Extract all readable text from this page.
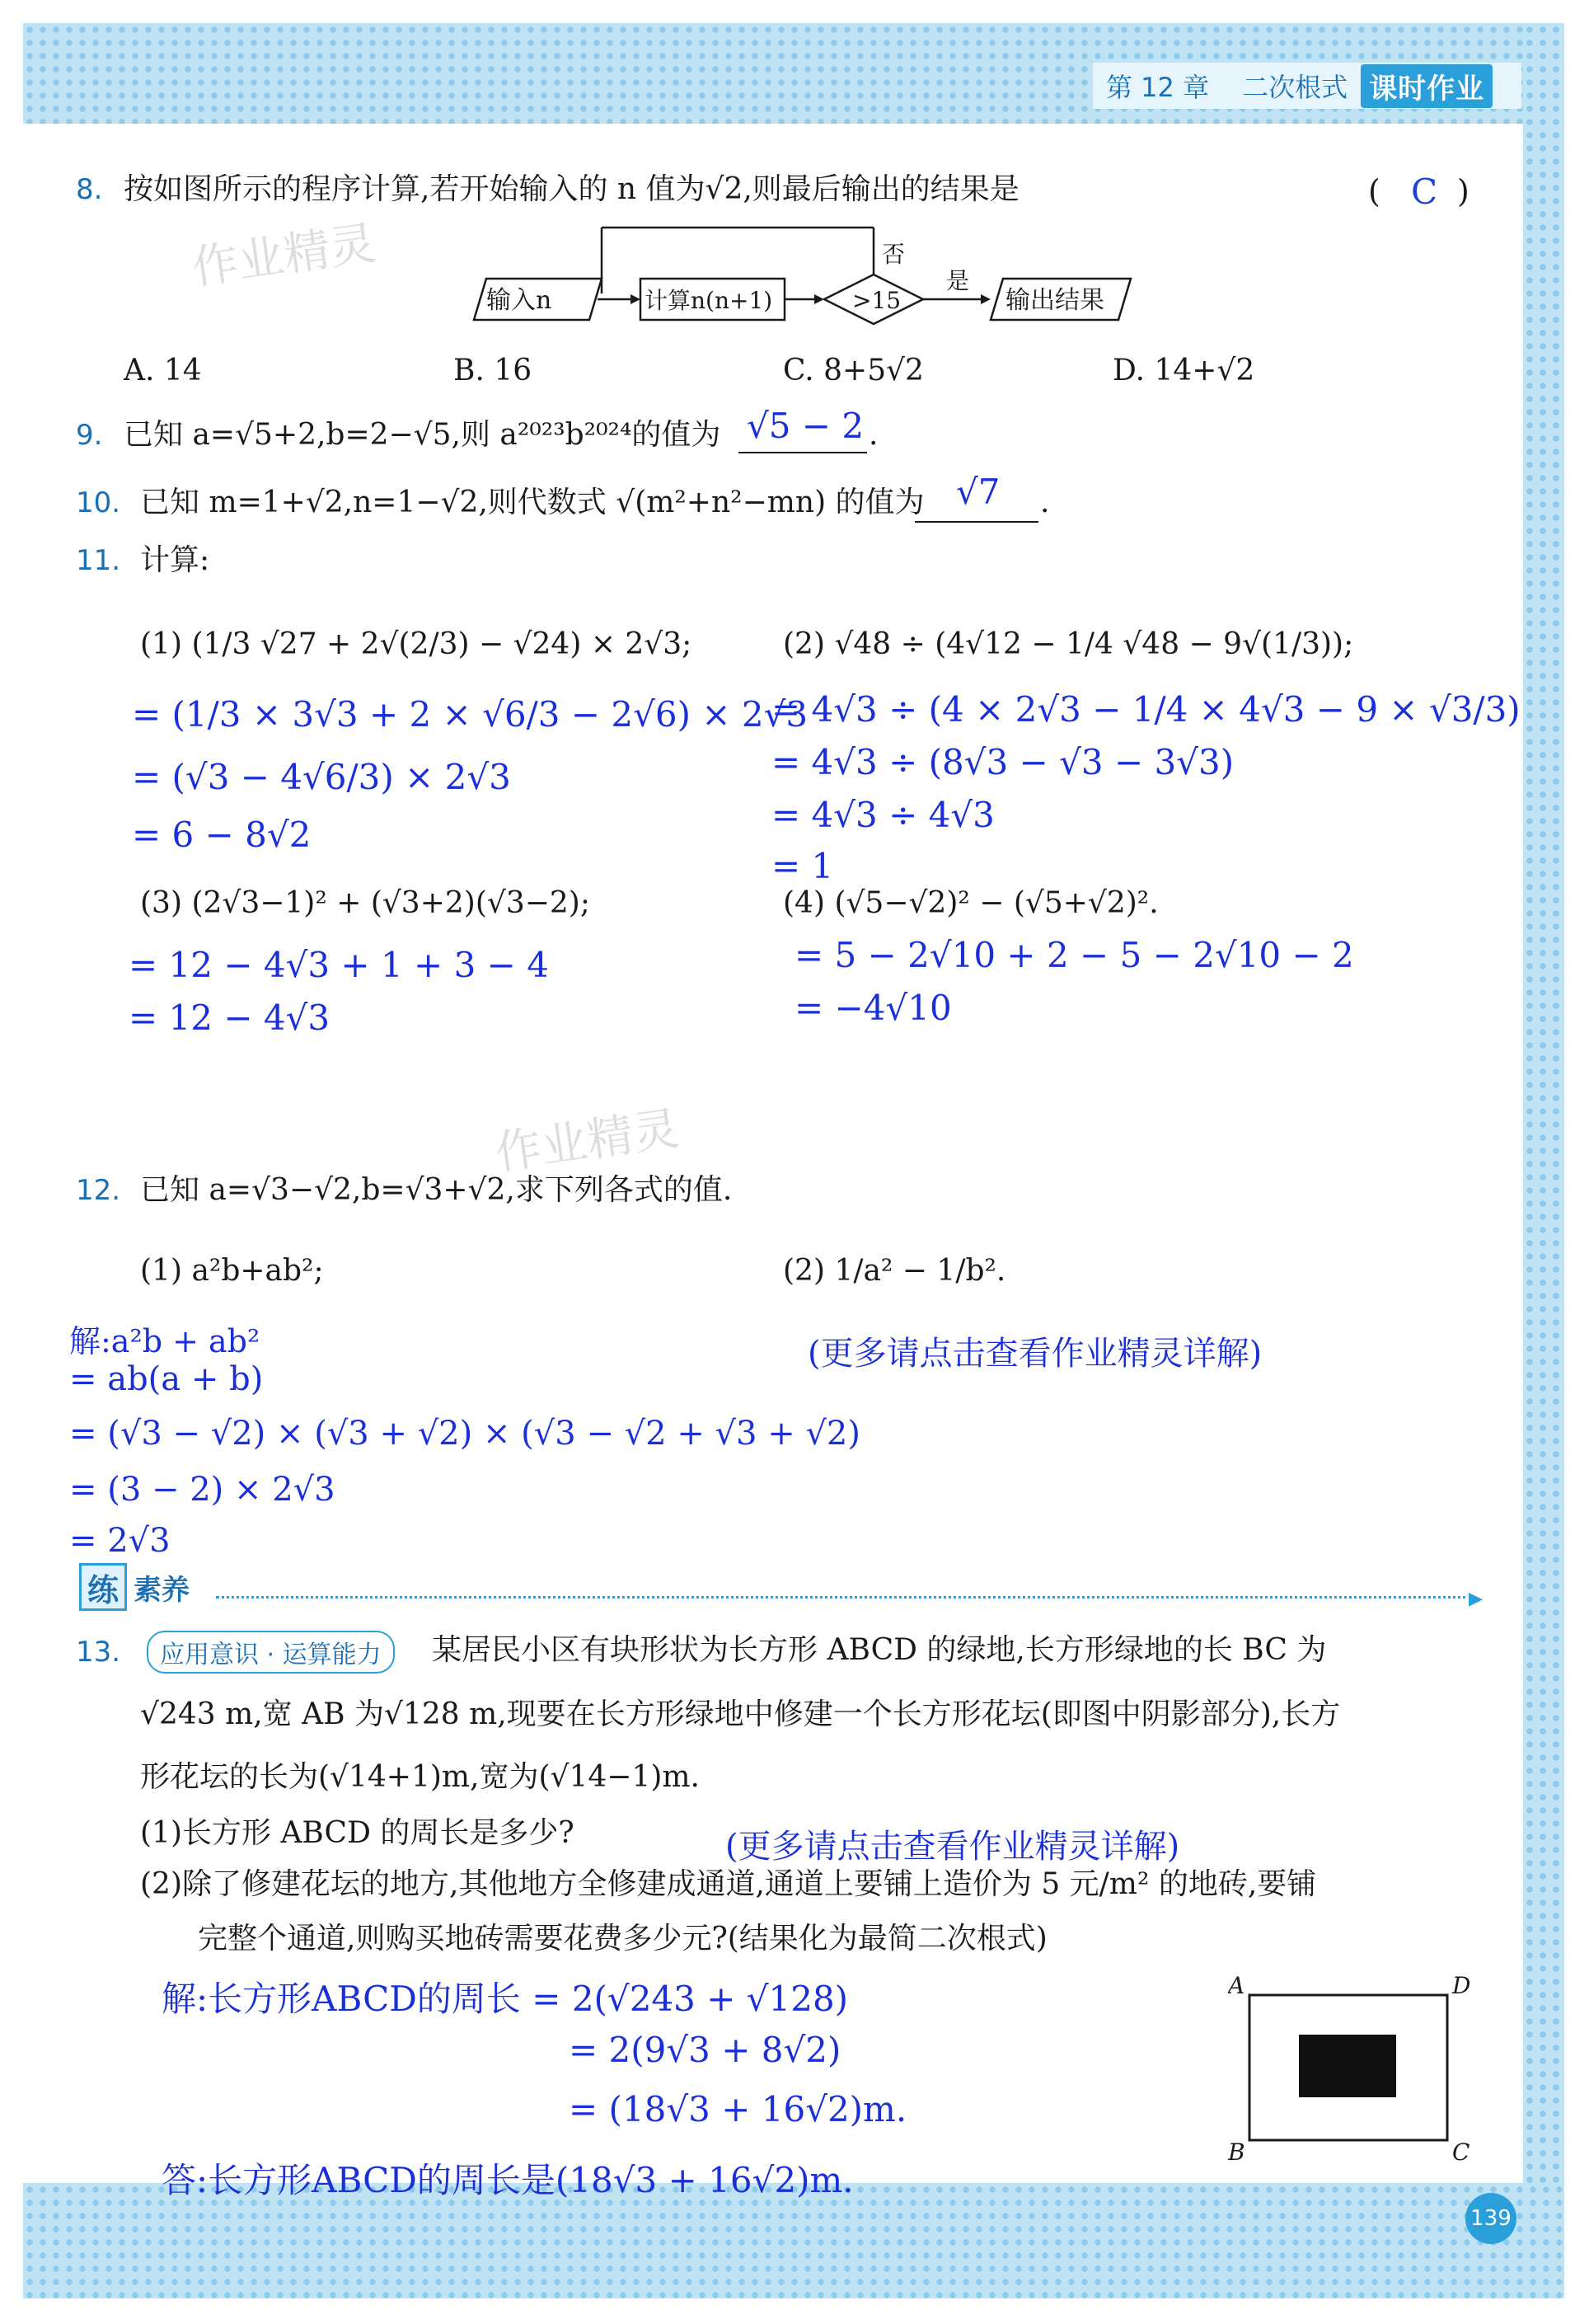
第 12 章 二次根式 课时作业
作业精灵
作业精灵
8. 按如图所示的程序计算,若开始输入的 n 值为√2,则最后输出的结果是	( C )
输入n	计算n(n+1)	>15
否
是
输出结果
A. 14	B. 16	C. 8+5√2	D. 14+√2
9. 已知 a=√5+2,b=2−√5,则 a²⁰²³b²⁰²⁴的值为 √5 − 2 .
10. 已知 m=1+√2,n=1−√2,则代数式 √(m²+n²−mn) 的值为 √7 .
11. 计算:
(1) (1/3 √27 + 2√(2/3) − √24) × 2√3;
= (1/3 × 3√3 + 2 × √6/3 − 2√6) × 2√3
= (√3 − 4√6/3) × 2√3
= 6 − 8√2
(2) √48 ÷ (4√12 − 1/4 √48 − 9√(1/3));
= 4√3 ÷ (4 × 2√3 − 1/4 × 4√3 − 9 × √3/3)
= 4√3 ÷ (8√3 − √3 − 3√3)
= 4√3 ÷ 4√3
= 1
(3) (2√3−1)² + (√3+2)(√3−2);
= 12 − 4√3 + 1 + 3 − 4
= 12 − 4√3
(4) (√5−√2)² − (√5+√2)².
= 5 − 2√10 + 2 − 5 − 2√10 − 2
= −4√10
12. 已知 a=√3−√2,b=√3+√2,求下列各式的值.
(1) a²b+ab²;	(2) 1/a² − 1/b².
解:a²b + ab²
= ab(a + b)
= (√3 − √2) × (√3 + √2) × (√3 − √2 + √3 + √2)
= (3 − 2) × 2√3
= 2√3
(更多请点击查看作业精灵详解)
练 素养	▶
13.	应用意识 · 运算能力	某居民小区有块形状为长方形 ABCD 的绿地,长方形绿地的长 BC 为
√243 m,宽 AB 为√128 m,现要在长方形绿地中修建一个长方形花坛(即图中阴影部分),长方
形花坛的长为(√14+1)m,宽为(√14−1)m.
(1)长方形 ABCD 的周长是多少?	(更多请点击查看作业精灵详解)
(2)除了修建花坛的地方,其他地方全修建成通道,通道上要铺上造价为 5 元/m² 的地砖,要铺
完整个通道,则购买地砖需要花费多少元?(结果化为最简二次根式)
解:长方形ABCD的周长 = 2(√243 + √128)
= 2(9√3 + 8√2)
= (18√3 + 16√2)m.
答:长方形ABCD的周长是(18√3 + 16√2)m.
A	D
B	C
139
